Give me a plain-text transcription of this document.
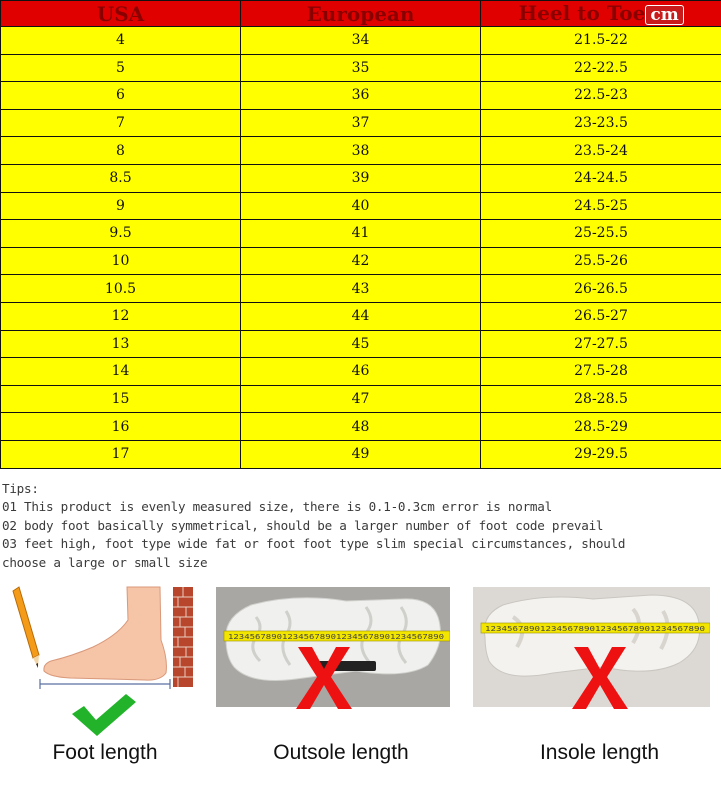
USA	European	Heel to Toe cm
4	34	21.5-22
5	35	22-22.5
6	36	22.5-23
7	37	23-23.5
8	38	23.5-24
8.5	39	24-24.5
9	40	24.5-25
9.5	41	25-25.5
10	42	25.5-26
10.5	43	26-26.5
12	44	26.5-27
13	45	27-27.5
14	46	27.5-28
15	47	28-28.5
16	48	28.5-29
17	49	29-29.5
Tips:
01 This product is evenly measured size, there is 0.1-0.3cm error is normal
02 body foot basically symmetrical, should be a larger number of foot code prevail
03 feet high, foot type wide fat or foot foot type slim special circumstances, should
choose a large or small size
1234567890123456789012345678901234567890
1234567890123456789012345678901234567890
Foot length	Outsole length	Insole length
